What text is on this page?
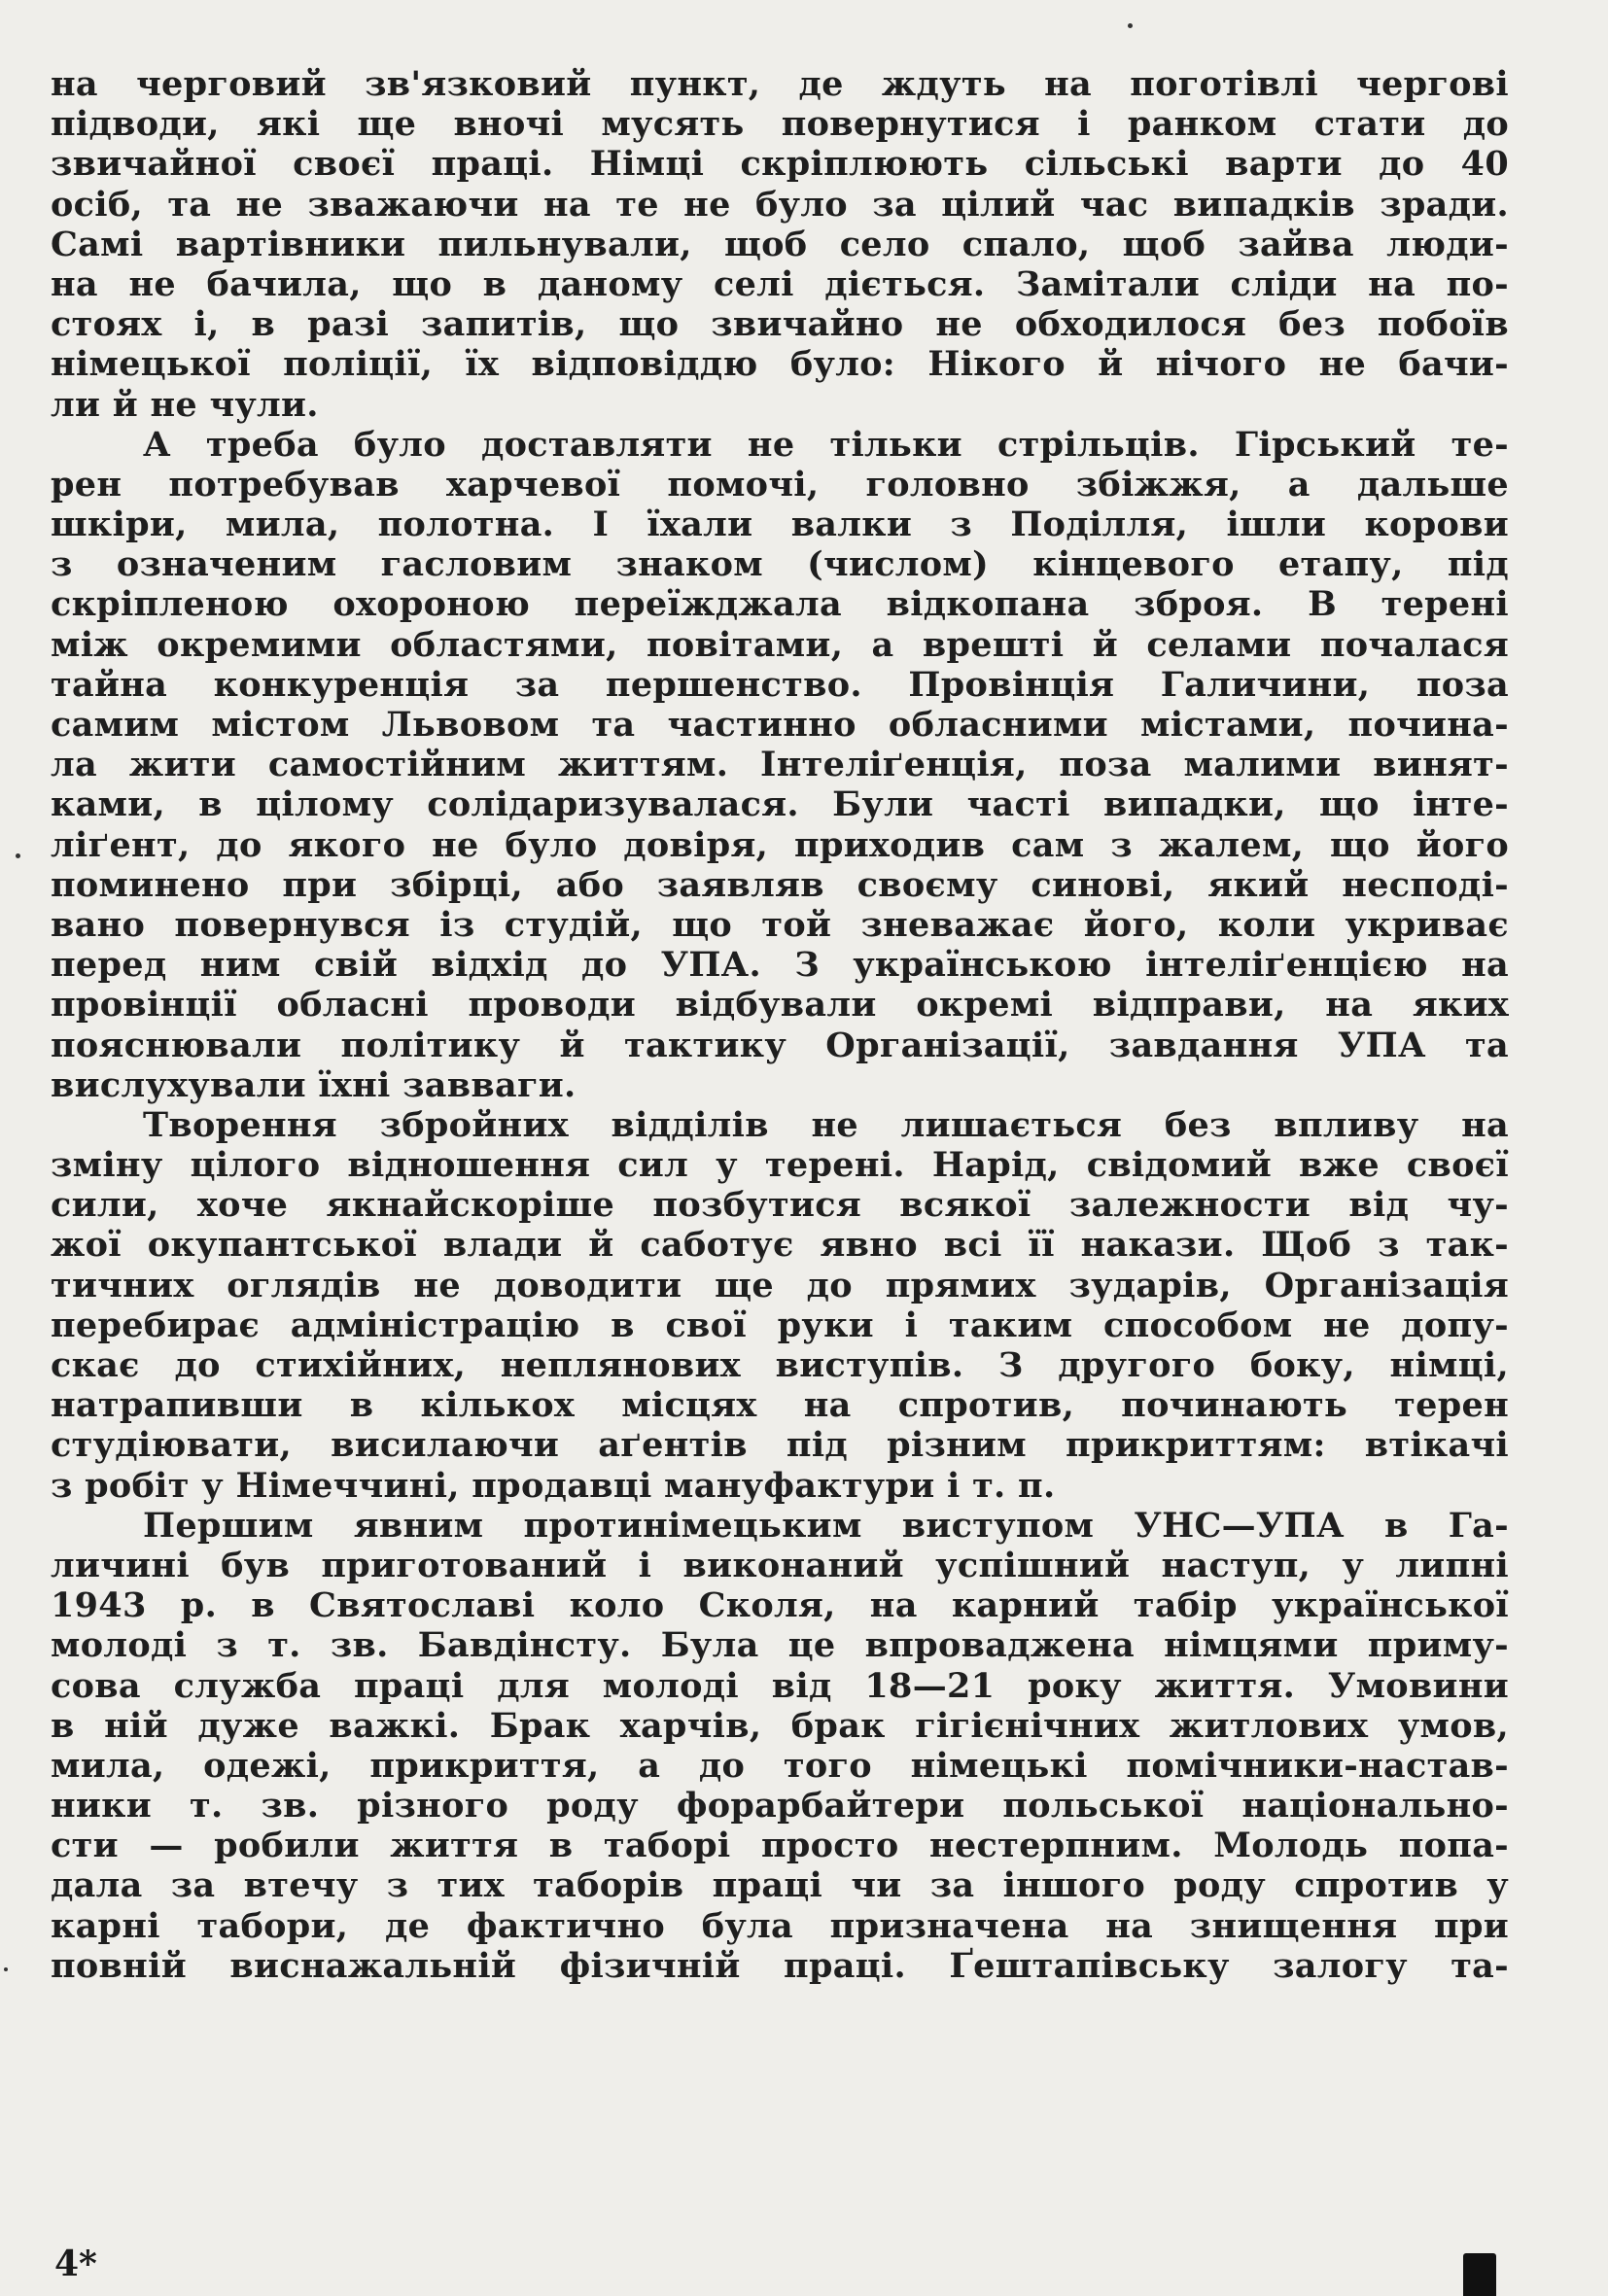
на черговий зв'язковий пункт, де ждуть на поготівлі чергові
підводи, які ще вночі мусять повернутися і ранком стати до
звичайної своєї праці. Німці скріплюють сільські варти до 40
осіб, та не зважаючи на те не було за цілий час випадків зради.
Самі вартівники пильнували, щоб село спало, щоб зайва люди-
на не бачила, що в даному селі діється. Замітали сліди на по-
стоях і, в разі запитів, що звичайно не обходилося без побоїв
німецької поліції, їх відповіддю було: Нікого й нічого не бачи-
ли й не чули.
А треба було доставляти не тільки стрільців. Гірський те-
рен потребував харчевої помочі, головно збіжжя, а дальше
шкіри, мила, полотна. І їхали валки з Поділля, ішли корови
з означеним гасловим знаком (числом) кінцевого етапу, під
скріпленою охороною переїжджала відкопана зброя. В терені
між окремими областями, повітами, а врешті й селами почалася
тайна конкуренція за першенство. Провінція Галичини, поза
самим містом Львовом та частинно обласними містами, почина-
ла жити самостійним життям. Інтеліґенція, поза малими винят-
ками, в цілому солідаризувалася. Були часті випадки, що інте-
ліґент, до якого не було довіря, приходив сам з жалем, що його
поминено при збірці, або заявляв своєму синові, який несподі-
вано повернувся із студій, що той зневажає його, коли укриває
перед ним свій відхід до УПА. З українською інтеліґенцією на
провінції обласні проводи відбували окремі відправи, на яких
пояснювали політику й тактику Організації, завдання УПА та
вислухували їхні завваги.
Творення збройних відділів не лишається без впливу на
зміну цілого відношення сил у терені. Нарід, свідомий вже своєї
сили, хоче якнайскоріше позбутися всякої залежности від чу-
жої окупантської влади й саботує явно всі її накази. Щоб з так-
тичних оглядів не доводити ще до прямих зударів, Організація
перебирає адміністрацію в свої руки і таким способом не допу-
скає до стихійних, неплянових виступів. З другого боку, німці,
натрапивши в кількох місцях на спротив, починають терен
студіювати, висилаючи аґентів під різним прикриттям: втікачі
з робіт у Німеччині, продавці мануфактури і т. п.
Першим явним протинімецьким виступом УНС—УПА в Га-
личині був приготований і виконаний успішний наступ, у липні
1943 р. в Святославі коло Сколя, на карний табір української
молоді з т. зв. Бавдінсту. Була це впроваджена німцями приму-
сова служба праці для молоді від 18—21 року життя. Умовини
в ній дуже важкі. Брак харчів, брак гігієнічних житлових умов,
мила, одежі, прикриття, а до того німецькі помічники-настав-
ники т. зв. різного роду форарбайтери польської національно-
сти — робили життя в таборі просто нестерпним. Молодь попа-
дала за втечу з тих таборів праці чи за іншого роду спротив у
карні табори, де фактично була призначена на знищення при
повній виснажальній фізичній праці. Ґештапівську залогу та-
4*
